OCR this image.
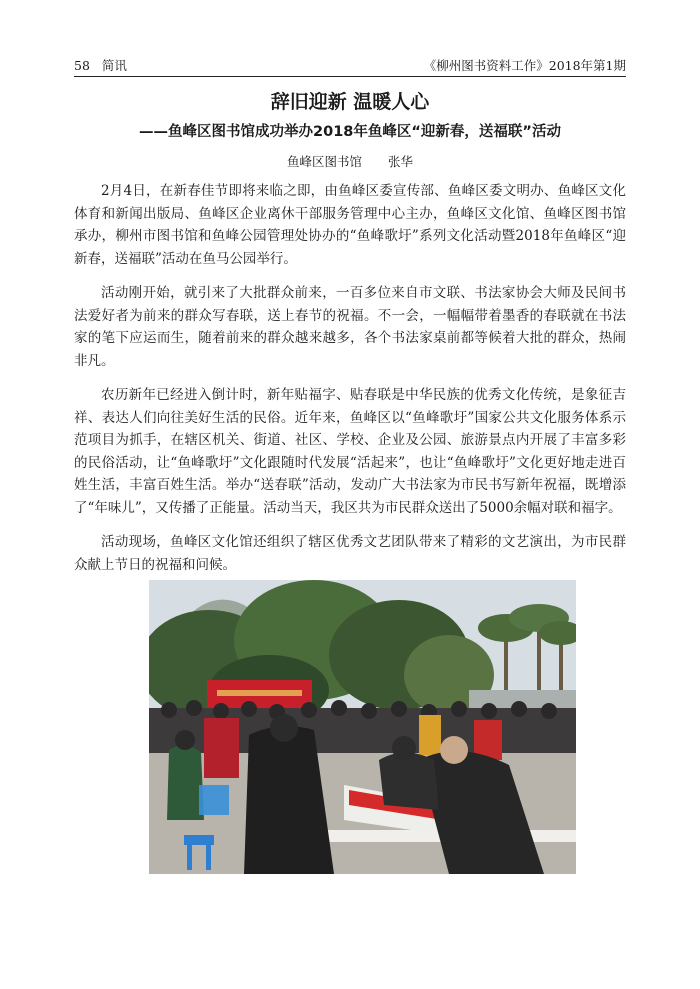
58 简讯	《柳州图书资料工作》2018年第1期
辞旧迎新 温暖人心
——鱼峰区图书馆成功举办2018年鱼峰区“迎新春，送福联”活动
鱼峰区图书馆 张华

2月4日，在新春佳节即将来临之即，由鱼峰区委宣传部、鱼峰区委文明办、鱼峰区文化体育和新闻出版局、鱼峰区企业离休干部服务管理中心主办，鱼峰区文化馆、鱼峰区图书馆承办，柳州市图书馆和鱼峰公园管理处协办的“鱼峰歌圩”系列文化活动暨2018年鱼峰区“迎新春，送福联”活动在鱼马公园举行。

活动刚开始，就引来了大批群众前来，一百多位来自市文联、书法家协会大师及民间书法爱好者为前来的群众写春联，送上春节的祝福。不一会，一幅幅带着墨香的春联就在书法家的笔下应运而生，随着前来的群众越来越多，各个书法家桌前都等候着大批的群众，热闹非凡。

农历新年已经进入倒计时，新年贴福字、贴春联是中华民族的优秀文化传统，是象征吉祥、表达人们向往美好生活的民俗。近年来，鱼峰区以“鱼峰歌圩”国家公共文化服务体系示范项目为抓手，在辖区机关、街道、社区、学校、企业及公园、旅游景点内开展了丰富多彩的民俗活动，让“鱼峰歌圩”文化跟随时代发展“活起来”，也让“鱼峰歌圩”文化更好地走进百姓生活，丰富百姓生活。举办“送春联”活动，发动广大书法家为市民书写新年祝福，既增添了“年味儿”，又传播了正能量。活动当天，我区共为市民群众送出了5000余幅对联和福字。

活动现场，鱼峰区文化馆还组织了辖区优秀文艺团队带来了精彩的文艺演出，为市民群众献上节日的祝福和问候。
